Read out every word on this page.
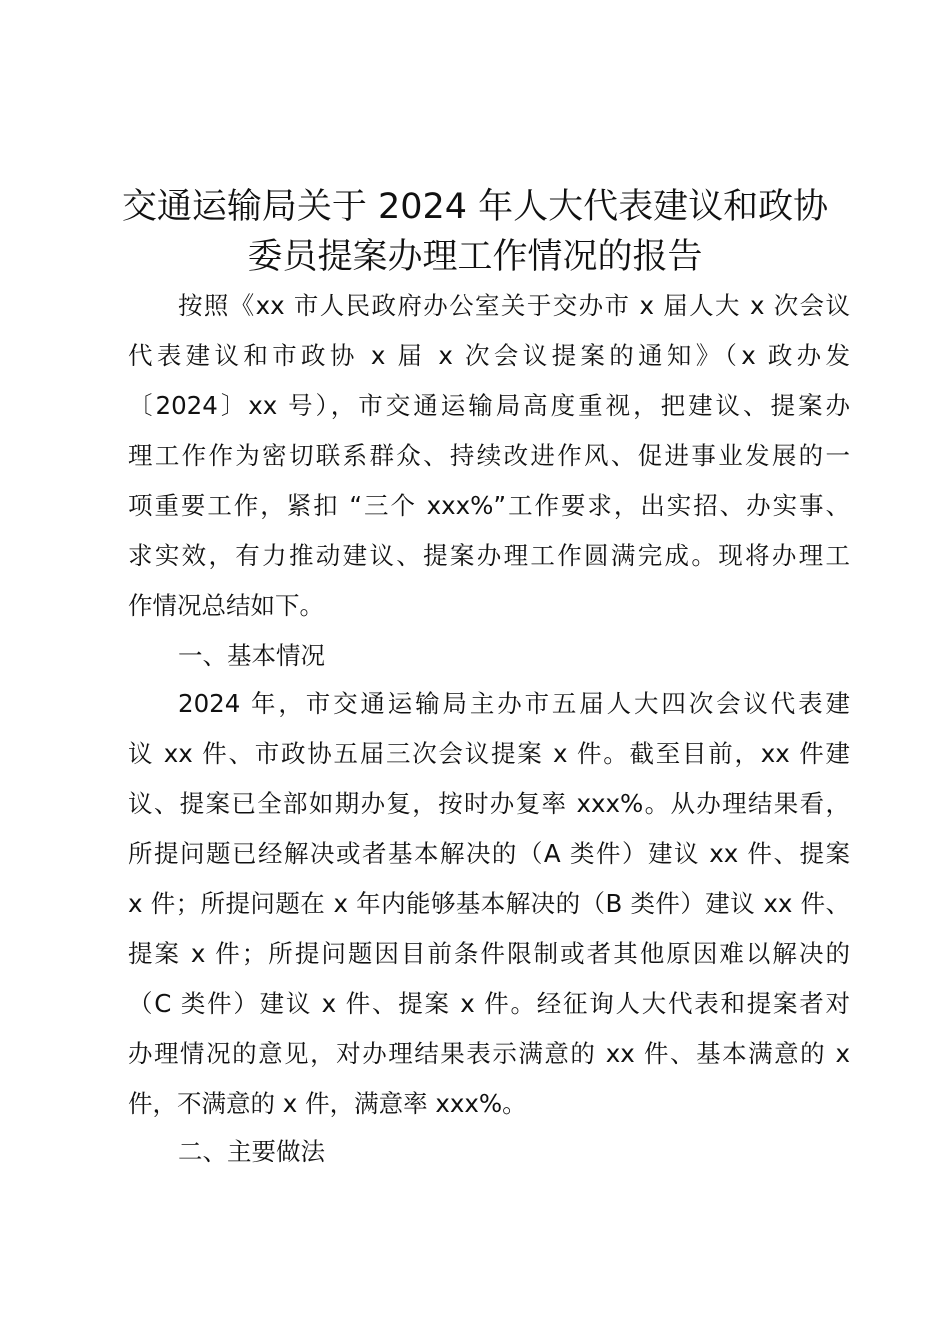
交通运输局关于 2024 年人大代表建议和政协
委员提案办理工作情况的报告
按照《xx 市人民政府办公室关于交办市 x 届人大 x 次会议
代表建议和市政协 x 届 x 次会议提案的通知》（x 政办发
〔2024〕xx 号），市交通运输局高度重视，把建议、提案办
理工作作为密切联系群众、持续改进作风、促进事业发展的一
项重要工作，紧扣 “三个 xxx%”工作要求，出实招、办实事、
求实效，有力推动建议、提案办理工作圆满完成。现将办理工
作情况总结如下。
一、基本情况
2024 年，市交通运输局主办市五届人大四次会议代表建
议 xx 件、市政协五届三次会议提案 x 件。截至目前，xx 件建
议、提案已全部如期办复，按时办复率 xxx%。从办理结果看，
所提问题已经解决或者基本解决的（A 类件）建议 xx 件、提案
x 件；所提问题在 x 年内能够基本解决的（B 类件）建议 xx 件、
提案 x 件；所提问题因目前条件限制或者其他原因难以解决的
（C 类件）建议 x 件、提案 x 件。经征询人大代表和提案者对
办理情况的意见，对办理结果表示满意的 xx 件、基本满意的 x
件，不满意的 x 件，满意率 xxx%。
二、主要做法
